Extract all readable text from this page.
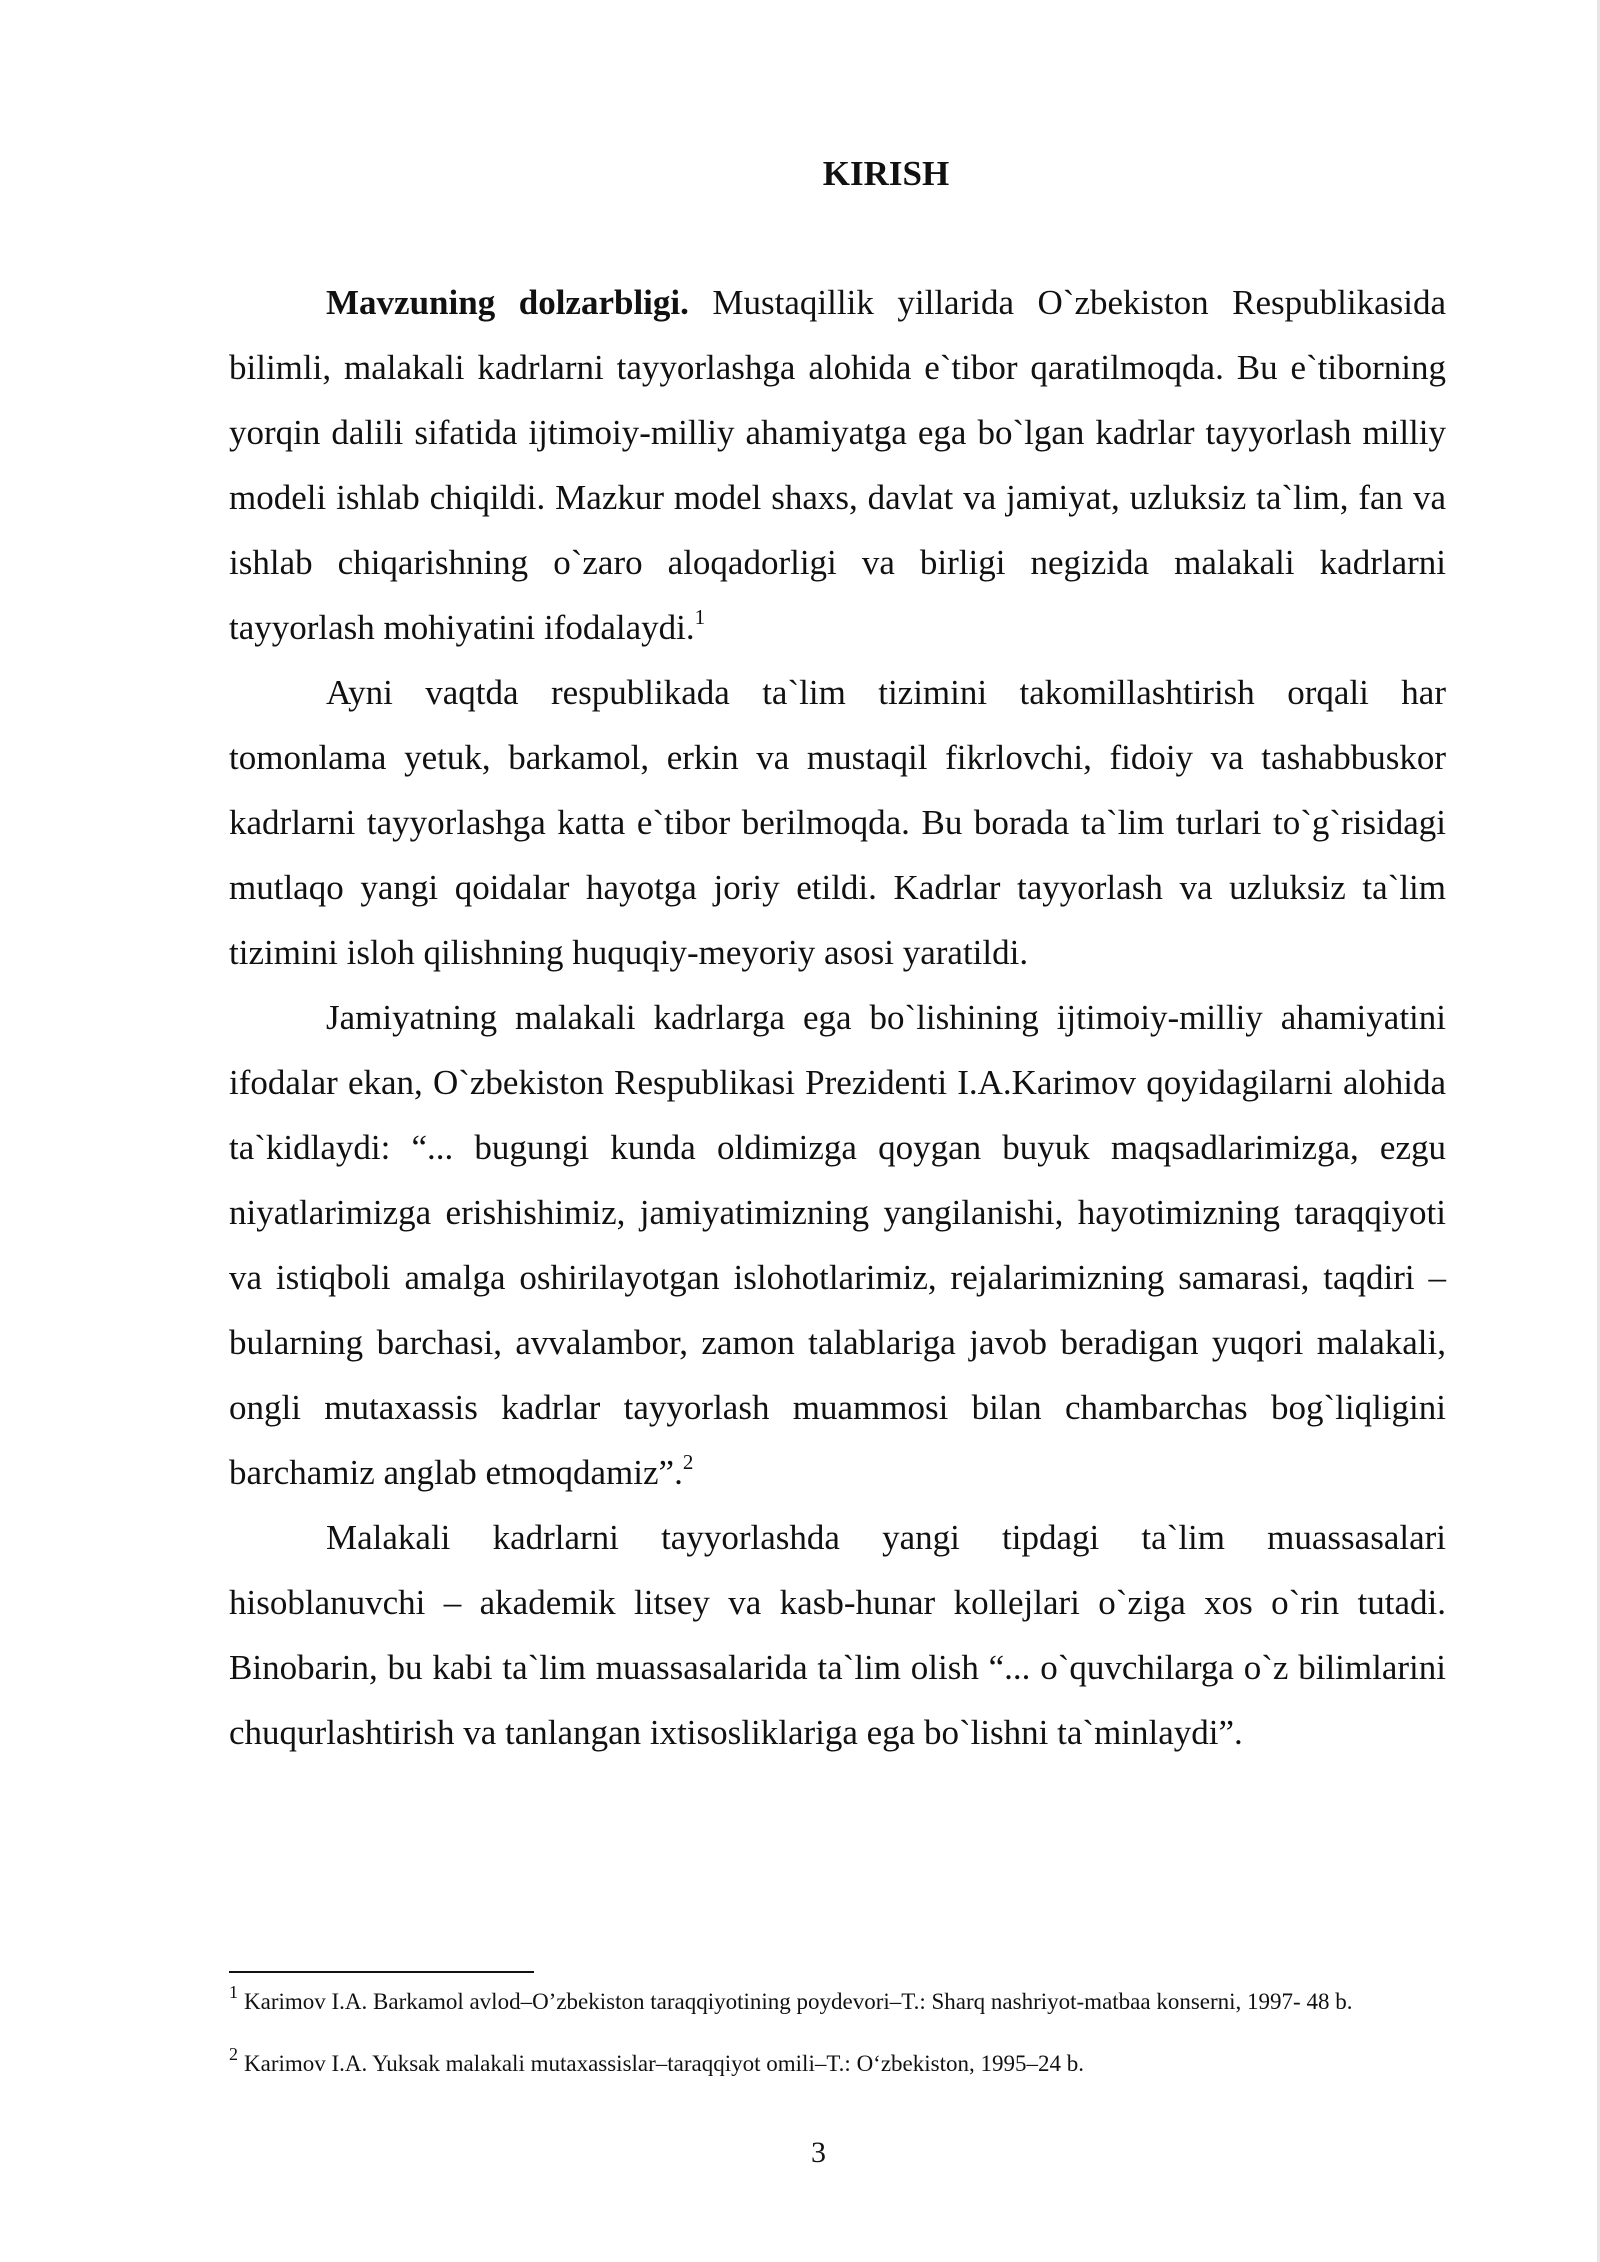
KIRISH

Mavzuning dolzarbligi. Mustaqillik yillarida O`zbekiston Respublikasida bilimli, malakali kadrlarni tayyorlashga alohida e`tibor qaratilmoqda. Bu e`tiborning yorqin dalili sifatida ijtimoiy-milliy ahamiyatga ega bo`lgan kadrlar tayyorlash milliy modeli ishlab chiqildi. Mazkur model shaxs, davlat va jamiyat, uzluksiz ta`lim, fan va ishlab chiqarishning o`zaro aloqadorligi va birligi negizida malakali kadrlarni tayyorlash mohiyatini ifodalaydi.$^1$

Ayni vaqtda respublikada ta`lim tizimini takomillashtirish orqali har tomonlama yetuk, barkamol, erkin va mustaqil fikrlovchi, fidoiy va tashabbuskor kadrlarni tayyorlashga katta e`tibor berilmoqda. Bu borada ta`lim turlari to`g`risidagi mutlaqo yangi qoidalar hayotga joriy etildi. Kadrlar tayyorlash va uzluksiz ta`lim tizimini isloh qilishning huquqiy-meyoriy asosi yaratildi.

Jamiyatning malakali kadrlarga ega bo`lishining ijtimoiy-milliy ahamiyatini ifodalar ekan, O`zbekiston Respublikasi Prezidenti I.A.Karimov qoyidagilarni alohida ta`kidlaydi: “... bugungi kunda oldimizga qoygan buyuk maqsadlarimizga, ezgu niyatlarimizga erishishimiz, jamiyatimizning yangilanishi, hayotimizning taraqqiyoti va istiqboli amalga oshirilayotgan islohotlarimiz, rejalarimizning samarasi, taqdiri – bularning barchasi, avvalambor, zamon talablariga javob beradigan yuqori malakali, ongli mutaxassis kadrlar tayyorlash muammosi bilan chambarchas bog`liqligini barchamiz anglab etmoqdamiz”.$^2$

Malakali kadrlarni tayyorlashda yangi tipdagi ta`lim muassasalari hisoblanuvchi – akademik litsey va kasb-hunar kollejlari o`ziga xos o`rin tutadi. Binobarin, bu kabi ta`lim muassasalarida ta`lim olish “... o`quvchilarga o`z bilimlarini chuqurlashtirish va tanlangan ixtisosliklariga ega bo`lishni ta`minlaydi”.

$^1$ Karimov I.A. Barkamol avlod–O’zbekiston taraqqiyotining poydevori–T.: Sharq nashriyot-matbaa konserni, 1997- 48 b.
$^2$ Karimov I.A. Yuksak malakali mutaxassislar–taraqqiyot omili–T.: O‘zbekiston, 1995–24 b.
3
